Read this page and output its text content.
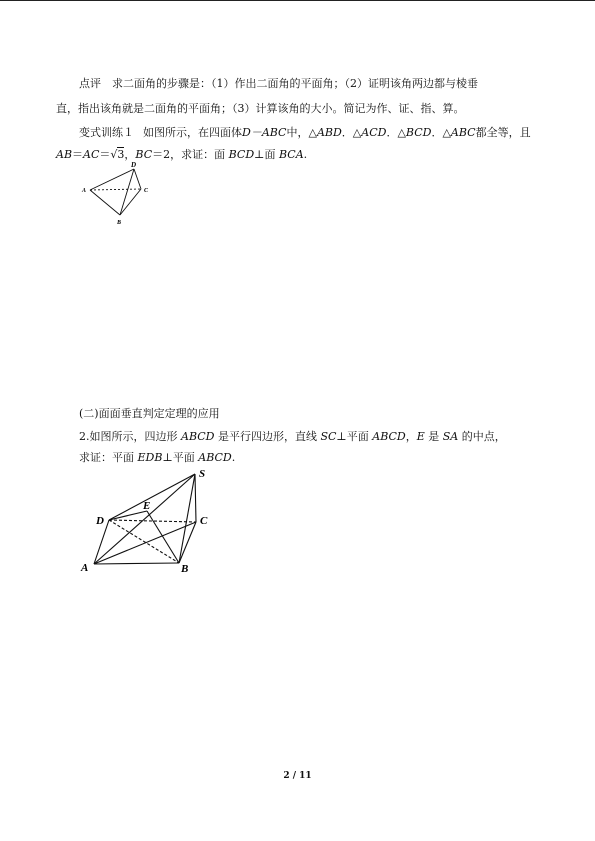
点评 求二面角的步骤是：（1）作出二面角的平面角；（2）证明该角两边都与棱垂
直，指出该角就是二面角的平面角；（3）计算该角的大小。简记为作、证、指、算。
变式训练１ 如图所示，在四面体D－ABC中，△ABD．△ACD．△BCD．△ABC都全等，且
AB＝AC＝√3，BC＝2，求证：面 BCD⊥面 BCA.
D
A	C
B
(二)面面垂直判定定理的应用
2.如图所示，四边形 ABCD 是平行四边形，直线 SC⊥平面 ABCD，E 是 SA 的中点，
求证：平面 EDB⊥平面 ABCD.
S
E
D	C
A	B
2 / 11
